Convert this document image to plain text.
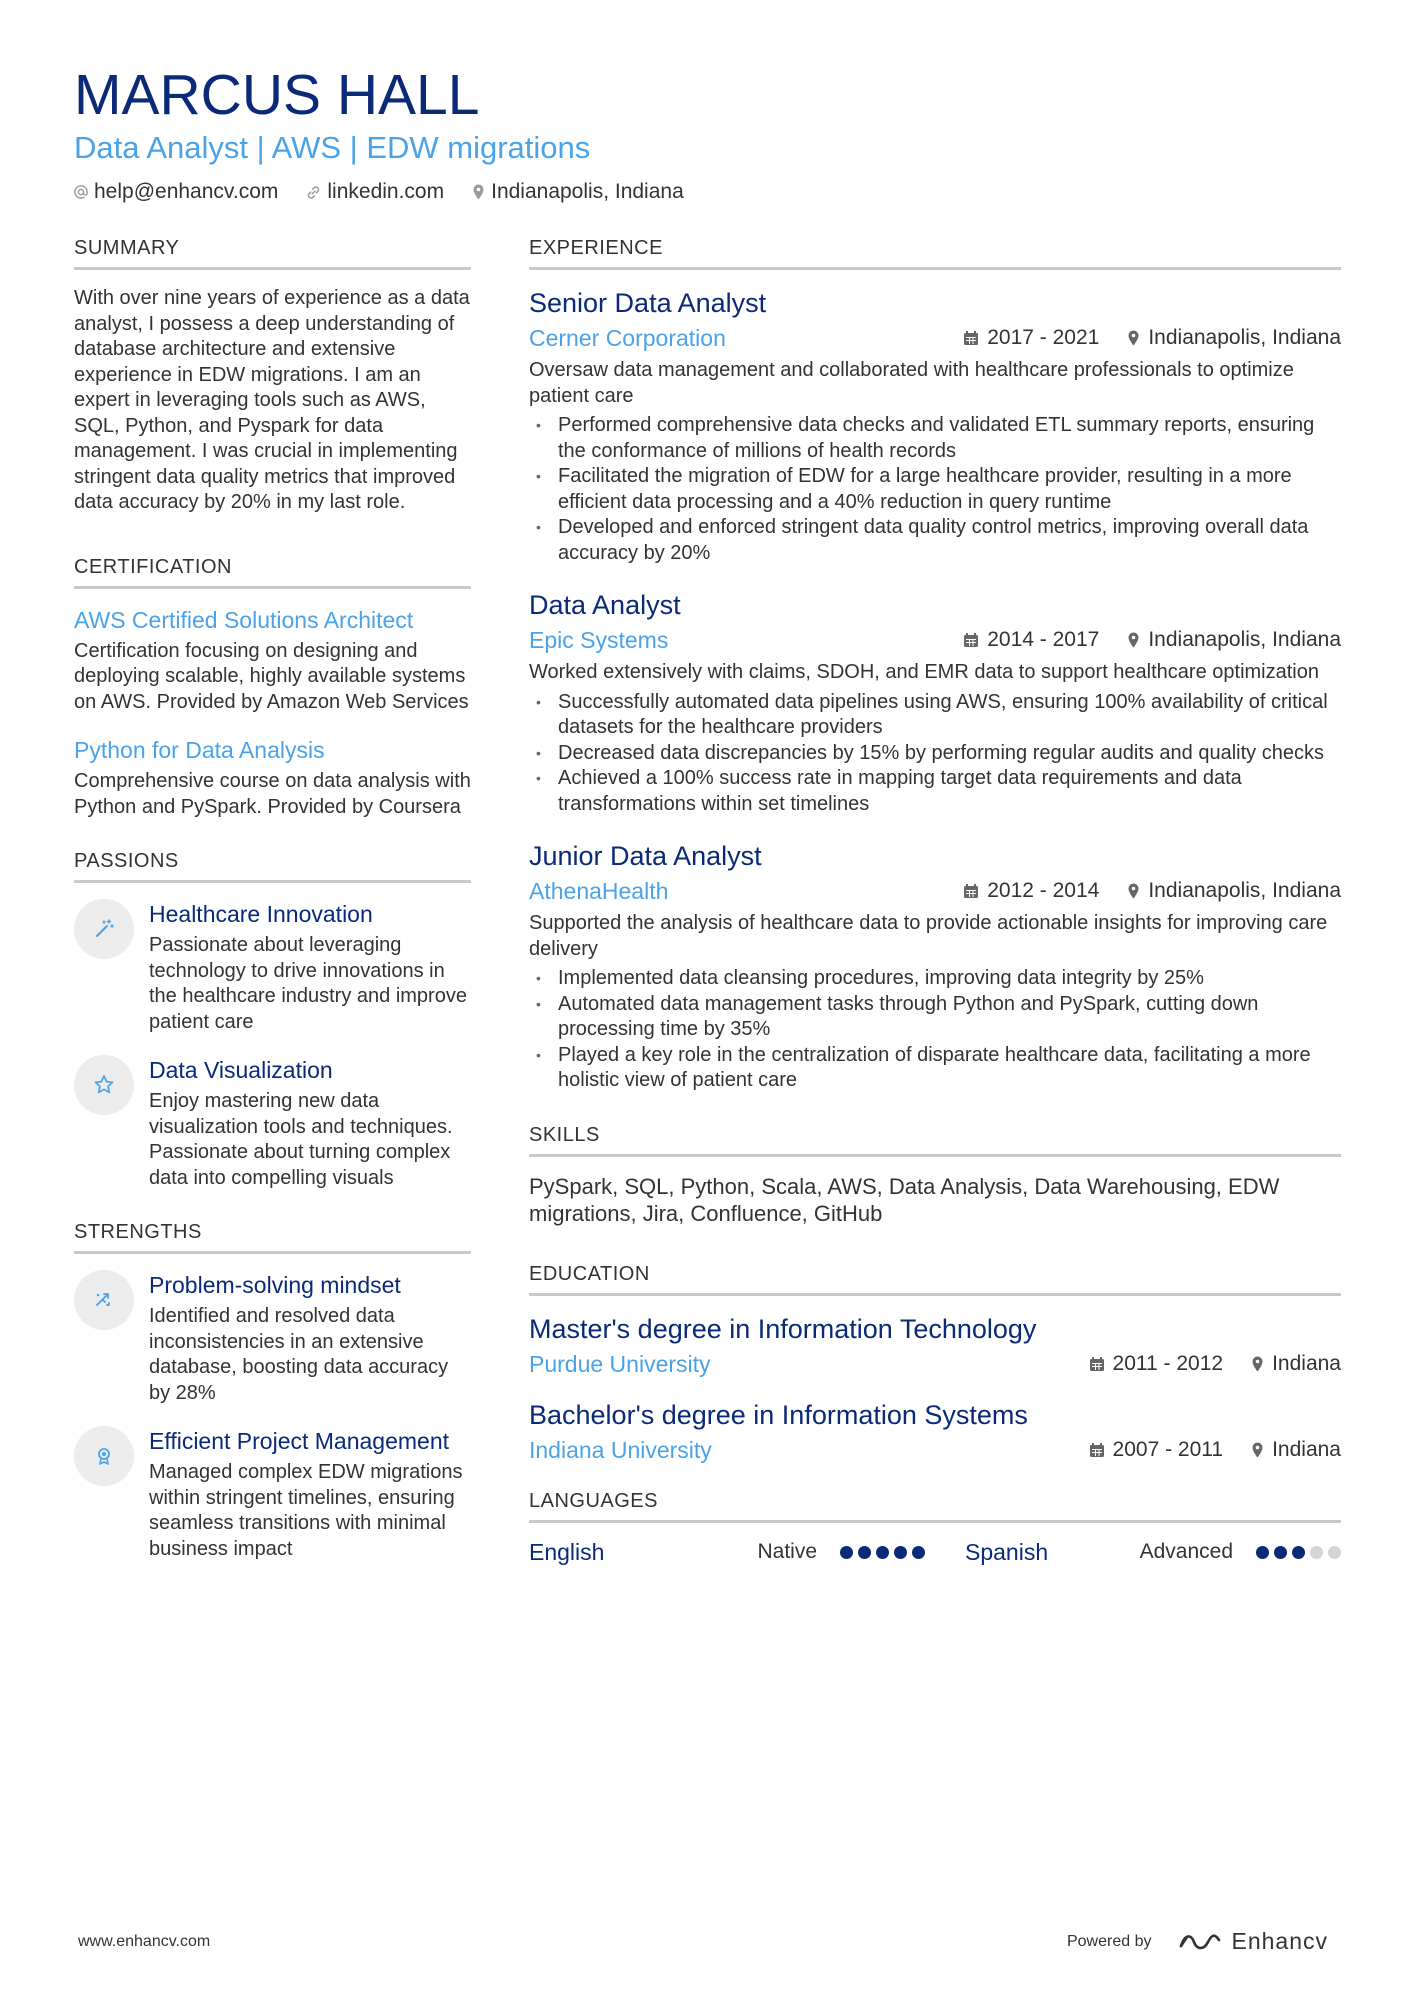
MARCUS HALL
Data Analyst | AWS | EDW migrations
help@enhancv.com linkedin.com Indianapolis, Indiana
SUMMARY
With over nine years of experience as a data analyst, I possess a deep understanding of database architecture and extensive experience in EDW migrations. I am an expert in leveraging tools such as AWS, SQL, Python, and Pyspark for data management. I was crucial in implementing stringent data quality metrics that improved data accuracy by 20% in my last role.
CERTIFICATION
AWS Certified Solutions Architect
Certification focusing on designing and deploying scalable, highly available systems on AWS. Provided by Amazon Web Services
Python for Data Analysis
Comprehensive course on data analysis with Python and PySpark. Provided by Coursera
PASSIONS
Healthcare Innovation
Passionate about leveraging technology to drive innovations in the healthcare industry and improve patient care
Data Visualization
Enjoy mastering new data visualization tools and techniques. Passionate about turning complex data into compelling visuals
STRENGTHS
Problem-solving mindset
Identified and resolved data inconsistencies in an extensive database, boosting data accuracy by 28%
Efficient Project Management
Managed complex EDW migrations within stringent timelines, ensuring seamless transitions with minimal business impact
EXPERIENCE
Senior Data Analyst
Cerner Corporation	2017 - 2021 Indianapolis, Indiana
Oversaw data management and collaborated with healthcare professionals to optimize patient care
• Performed comprehensive data checks and validated ETL summary reports, ensuring the conformance of millions of health records
• Facilitated the migration of EDW for a large healthcare provider, resulting in a more efficient data processing and a 40% reduction in query runtime
• Developed and enforced stringent data quality control metrics, improving overall data accuracy by 20%
Data Analyst
Epic Systems	2014 - 2017 Indianapolis, Indiana
Worked extensively with claims, SDOH, and EMR data to support healthcare optimization
• Successfully automated data pipelines using AWS, ensuring 100% availability of critical datasets for the healthcare providers
• Decreased data discrepancies by 15% by performing regular audits and quality checks
• Achieved a 100% success rate in mapping target data requirements and data transformations within set timelines
Junior Data Analyst
AthenaHealth	2012 - 2014 Indianapolis, Indiana
Supported the analysis of healthcare data to provide actionable insights for improving care delivery
• Implemented data cleansing procedures, improving data integrity by 25%
• Automated data management tasks through Python and PySpark, cutting down processing time by 35%
• Played a key role in the centralization of disparate healthcare data, facilitating a more holistic view of patient care
SKILLS
PySpark, SQL, Python, Scala, AWS, Data Analysis, Data Warehousing, EDW migrations, Jira, Confluence, GitHub
EDUCATION
Master's degree in Information Technology
Purdue University	2011 - 2012 Indiana
Bachelor's degree in Information Systems
Indiana University	2007 - 2011 Indiana
LANGUAGES
English	Native	Spanish	Advanced
www.enhancv.com	Powered by	Enhancv
